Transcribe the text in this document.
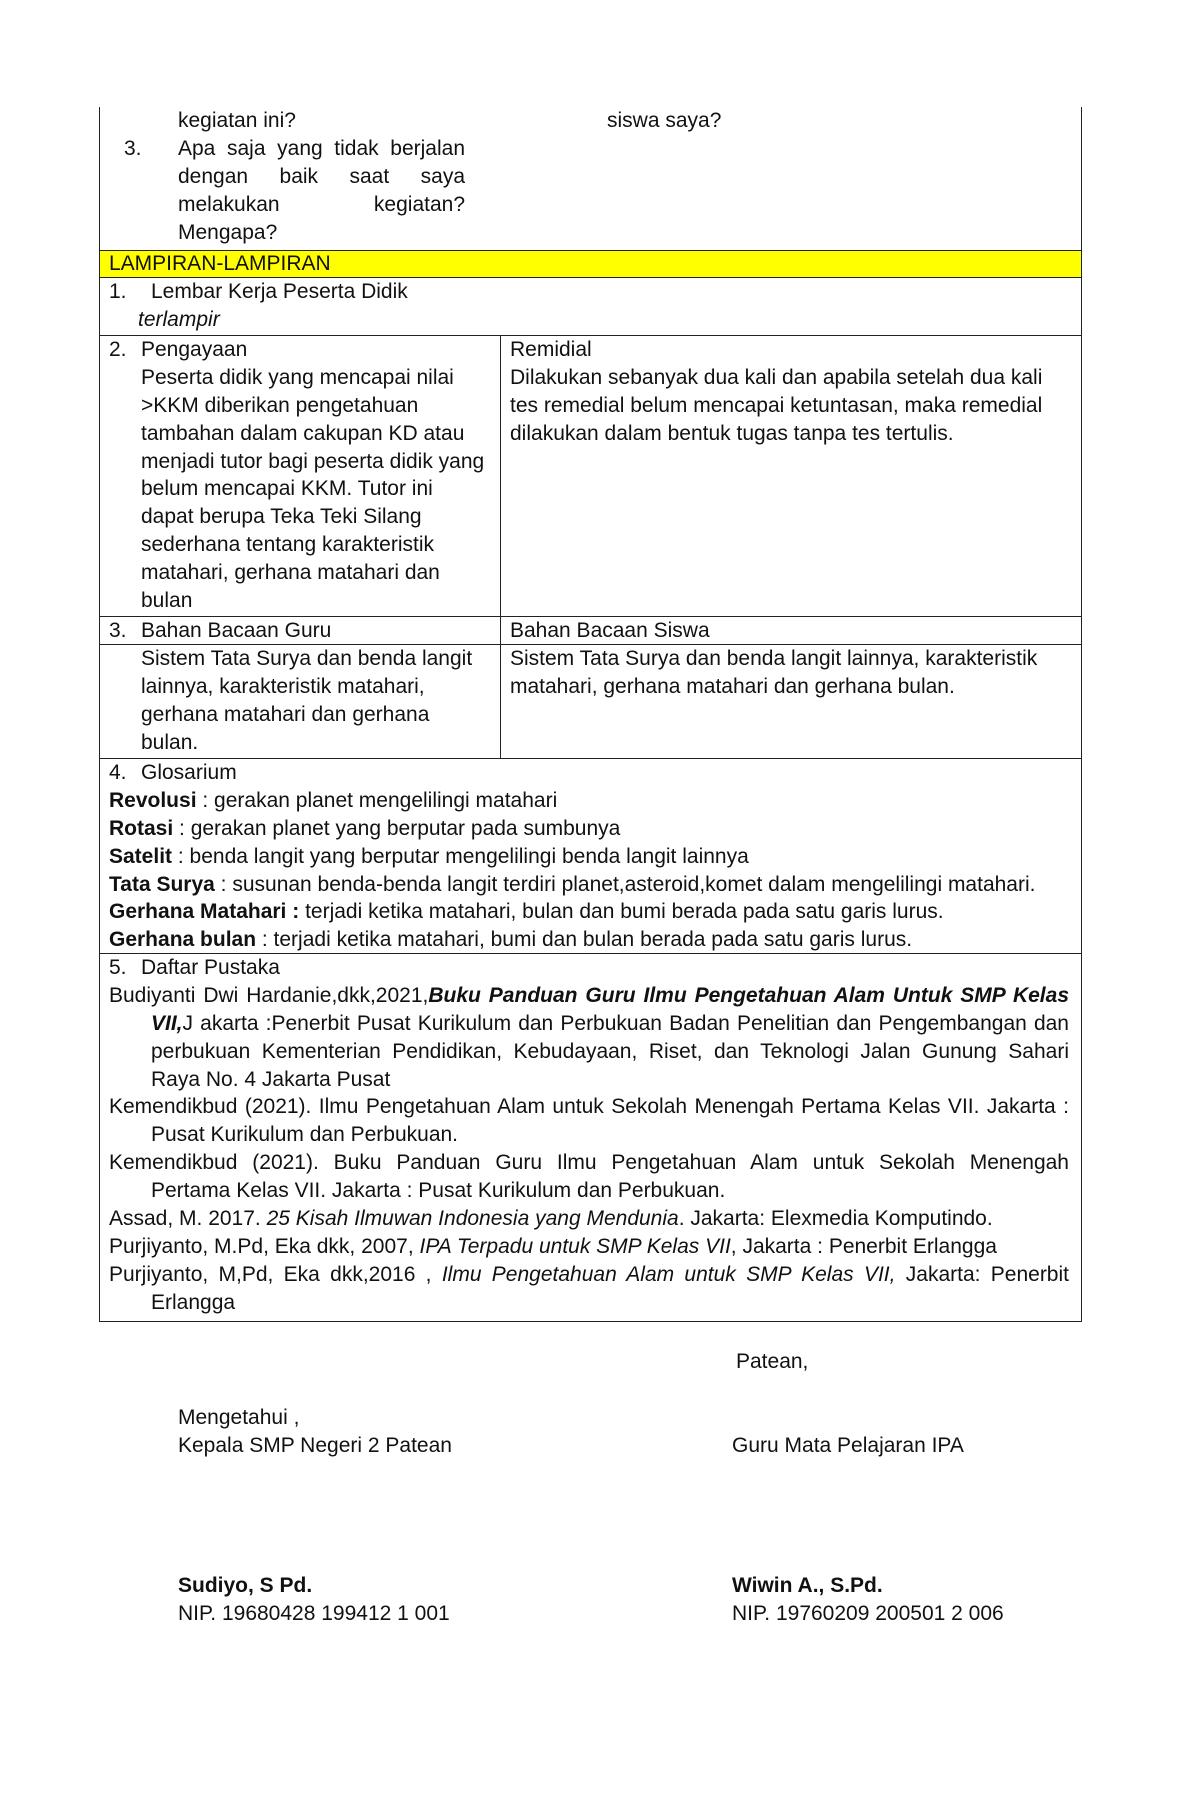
kegiatan ini?
3. Apa saja yang tidak berjalan
dengan baik saat saya
melakukan kegiatan?
Mengapa?
siswa saya?
LAMPIRAN-LAMPIRAN
1. Lembar Kerja Peserta Didik
terlampir
2. Pengayaan
Peserta didik yang mencapai nilai
>KKM diberikan pengetahuan
tambahan dalam cakupan KD atau
menjadi tutor bagi peserta didik yang
belum mencapai KKM. Tutor ini
dapat berupa Teka Teki Silang
sederhana tentang karakteristik
matahari, gerhana matahari dan
bulan
Remidial
Dilakukan sebanyak dua kali dan apabila setelah dua kali
tes remedial belum mencapai ketuntasan, maka remedial
dilakukan dalam bentuk tugas tanpa tes tertulis.
3. Bahan Bacaan Guru	Bahan Bacaan Siswa
Sistem Tata Surya dan benda langit
lainnya, karakteristik matahari,
gerhana matahari dan gerhana
bulan.
Sistem Tata Surya dan benda langit lainnya, karakteristik
matahari, gerhana matahari dan gerhana bulan.
4. Glosarium
Revolusi : gerakan planet mengelilingi matahari
Rotasi : gerakan planet yang berputar pada sumbunya
Satelit : benda langit yang berputar mengelilingi benda langit lainnya
Tata Surya : susunan benda-benda langit terdiri planet,asteroid,komet dalam mengelilingi matahari.
Gerhana Matahari : terjadi ketika matahari, bulan dan bumi berada pada satu garis lurus.
Gerhana bulan : terjadi ketika matahari, bumi dan bulan berada pada satu garis lurus.
5. Daftar Pustaka
Budiyanti Dwi Hardanie,dkk,2021,Buku Panduan Guru Ilmu Pengetahuan Alam Untuk SMP Kelas
VII,J akarta :Penerbit Pusat Kurikulum dan Perbukuan Badan Penelitian dan Pengembangan dan
perbukuan Kementerian Pendidikan, Kebudayaan, Riset, dan Teknologi Jalan Gunung Sahari
Raya No. 4 Jakarta Pusat
Kemendikbud (2021). Ilmu Pengetahuan Alam untuk Sekolah Menengah Pertama Kelas VII. Jakarta :
Pusat Kurikulum dan Perbukuan.
Kemendikbud (2021). Buku Panduan Guru Ilmu Pengetahuan Alam untuk Sekolah Menengah
Pertama Kelas VII. Jakarta : Pusat Kurikulum dan Perbukuan.
Assad, M. 2017. 25 Kisah Ilmuwan Indonesia yang Mendunia. Jakarta: Elexmedia Komputindo.
Purjiyanto, M.Pd, Eka dkk, 2007, IPA Terpadu untuk SMP Kelas VII, Jakarta : Penerbit Erlangga
Purjiyanto, M,Pd, Eka dkk,2016 , Ilmu Pengetahuan Alam untuk SMP Kelas VII, Jakarta: Penerbit
Erlangga
Patean,
Mengetahui ,
Kepala SMP Negeri 2 Patean	Guru Mata Pelajaran IPA
Sudiyo, S Pd.
NIP. 19680428 199412 1 001
Wiwin A., S.Pd.
NIP. 19760209 200501 2 006
